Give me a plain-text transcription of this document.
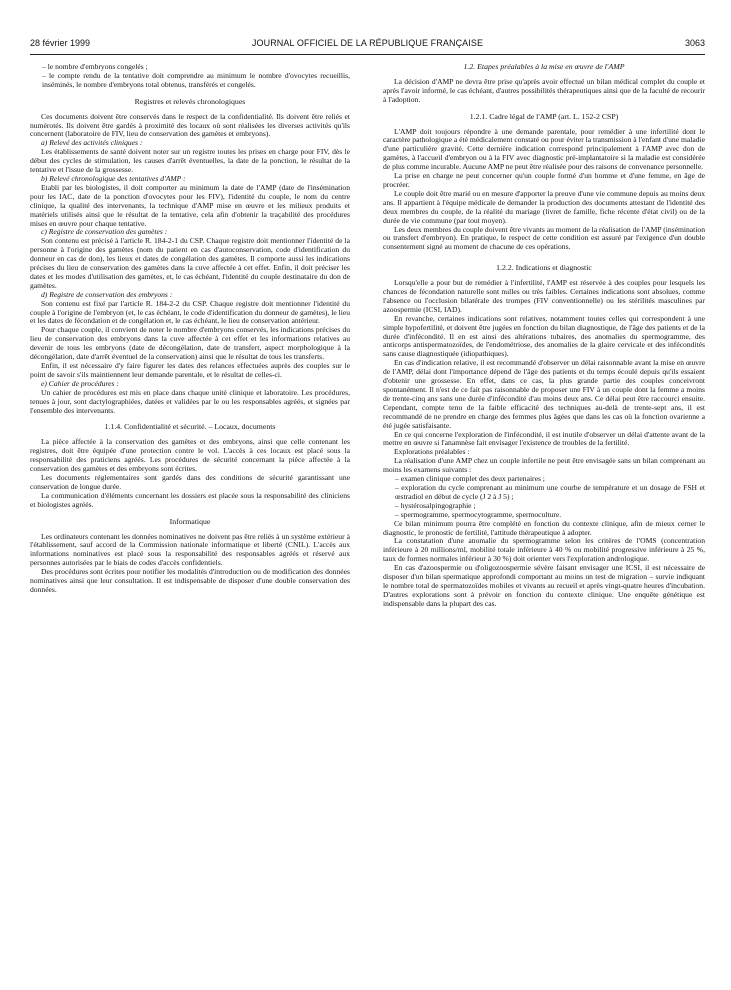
28 février 1999	JOURNAL OFFICIEL DE LA RÉPUBLIQUE FRANÇAISE	3063

– le nombre d'embryons congelés ;

– le compte rendu de la tentative doit comprendre au minimum le nombre d'ovocytes recueillis, inséminés, le nombre d'embryons total obtenus, transférés et congelés.

Registres et relevés chronologiques

Ces documents doivent être conservés dans le respect de la confidentialité. Ils doivent être reliés et numérotés. Ils doivent être gardés à proximité des locaux où sont réalisées les diverses activités qu'ils concernent (laboratoire de FIV, lieu de conservation des gamètes et embryons).

a) Relevé des activités cliniques :

Les établissements de santé doivent noter sur un registre toutes les prises en charge pour FIV, dès le début des cycles de stimulation, les causes d'arrêt éventuelles, la date de la ponction, le résultat de la tentative et l'issue de la grossesse.

b) Relevé chronologique des tentatives d'AMP :

Etabli par les biologistes, il doit comporter au minimum la date de l'AMP (date de l'insémination pour les IAC, date de la ponction d'ovocytes pour les FIV), l'identité du couple, le nom du centre clinique, la qualité des intervenants, la technique d'AMP mise en œuvre et les milieux produits et matériels utilisés ainsi que le résultat de la tentative, cela afin d'obtenir la traçabilité des procédures mises en œuvre pour chaque tentative.

c) Registre de conservation des gamètes :

Son contenu est précisé à l'article R. 184-2-1 du CSP. Chaque registre doit mentionner l'identité de la personne à l'origine des gamètes (nom du patient en cas d'autoconservation, code d'identification du donneur en cas de don), les lieux et dates de congélation des gamètes. Il comporte aussi les indications précises du lieu de conservation des gamètes dans la cuve affectée à cet effet. Enfin, il doit préciser les dates et les modes d'utilisation des gamètes, et, le cas échéant, l'identité du couple destinataire du don de gamètes.

d) Registre de conservation des embryons :

Son contenu est fixé par l'article R. 184-2-2 du CSP. Chaque registre doit mentionner l'identité du couple à l'origine de l'embryon (et, le cas échéant, le code d'identification du donneur de gamètes), le lieu et les dates de fécondation et de congélation et, le cas échéant, le lieu de conservation antérieur.

Pour chaque couple, il convient de noter le nombre d'embryons conservés, les indications précises du lieu de conservation des embryons dans la cuve affectée à cet effet et les informations relatives au devenir de tous les embryons (date de décongélation, date de transfert, aspect morphologique à la décongélation, date d'arrêt éventuel de la conservation) ainsi que le résultat de tous les transferts.

Enfin, il est nécessaire d'y faire figurer les dates des relances effectuées auprès des couples sur le point de savoir s'ils maintiennent leur demande parentale, et le résultat de celles-ci.

e) Cahier de procédures :

Un cahier de procédures est mis en place dans chaque unité clinique et laboratoire. Les procédures, tenues à jour, sont dactylographiées, datées et validées par le ou les responsables agréés, et signées par l'ensemble des intervenants.

1.1.4. Confidentialité et sécurité. – Locaux, documents

La pièce affectée à la conservation des gamètes et des embryons, ainsi que celle contenant les registres, doit être équipée d'une protection contre le vol. L'accès à ces locaux est placé sous la responsabilité des praticiens agréés. Les procédures de sécurité concernant la pièce affectée à la conservation des gamètes et des embryons sont écrites.

Les documents réglementaires sont gardés dans des conditions de sécurité garantissant une conservation de longue durée.

La communication d'éléments concernant les dossiers est placée sous la responsabilité des cliniciens et biologistes agréés.

Informatique

Les ordinateurs contenant les données nominatives ne doivent pas être reliés à un système extérieur à l'établissement, sauf accord de la Commission nationale informatique et liberté (CNIL). L'accès aux informations nominatives est placé sous la responsabilité des responsables agréés et réservé aux personnes autorisées par le biais de codes d'accès confidentiels.

Des procédures sont écrites pour notifier les modalités d'introduction ou de modification des données nominatives ainsi que leur consultation. Il est indispensable de disposer d'une double conservation des données.

1.2. Etapes préalables à la mise en œuvre de l'AMP

La décision d'AMP ne devra être prise qu'après avoir effectué un bilan médical complet du couple et après l'avoir informé, le cas échéant, d'autres possibilités thérapeutiques ainsi que de la faculté de recourir à l'adoption.

1.2.1. Cadre légal de l'AMP (art. L. 152-2 CSP)

L'AMP doit toujours répondre à une demande parentale, pour remédier à une infertilité dont le caractère pathologique a été médicalement constaté ou pour éviter la transmission à l'enfant d'une maladie d'une particulière gravité. Cette dernière indication correspond principalement à l'AMP avec don de gamètes, à l'accueil d'embryon ou à la FIV avec diagnostic pré-implantatoire si la maladie est considérée de plus comme incurable. Aucune AMP ne peut être réalisée pour des raisons de convenance personnelle.

La prise en charge ne peut concerner qu'un couple formé d'un homme et d'une femme, en âge de procréer.

Le couple doit être marié ou en mesure d'apporter la preuve d'une vie commune depuis au moins deux ans. Il appartient à l'équipe médicale de demander la production des documents attestant de l'identité des deux membres du couple, de la réalité du mariage (livret de famille, fiche récente d'état civil) ou de la durée de vie commune (par tout moyen).

Les deux membres du couple doivent être vivants au moment de la réalisation de l'AMP (insémination ou transfert d'embryon). En pratique, le respect de cette condition est assuré par l'exigence d'un double consentement signé au moment de chacune de ces opérations.

1.2.2. Indications et diagnostic

Lorsqu'elle a pour but de remédier à l'infertilité, l'AMP est réservée à des couples pour lesquels les chances de fécondation naturelle sont nulles ou très faibles. Certaines indications sont absolues, comme l'absence ou l'occlusion bilatérale des trompes (FIV conventionnelle) ou les stérilités masculines par azoospermie (ICSI, IAD).

En revanche, certaines indications sont relatives, notamment toutes celles qui correspondent à une simple hypofertilité, et doivent être jugées en fonction du bilan diagnostique, de l'âge des patients et de la durée d'infécondité. Il en est ainsi des altérations tubaires, des anomalies du spermogramme, des anticorps antispermatozoïdes, de l'endométriose, des anomalies de la glaire cervicale et des infécondités sans cause diagnostiquée (idiopathiques).

En cas d'indication relative, il est recommandé d'observer un délai raisonnable avant la mise en œuvre de l'AMP, délai dont l'importance dépend de l'âge des patients et du temps écoulé depuis qu'ils essaient d'obtenir une grossesse. En effet, dans ce cas, la plus grande partie des couples conceivront spontanément. Il n'est de ce fait pas raisonnable de proposer une FIV à un couple dont la femme a moins de trente-cinq ans sans une durée d'infécondité d'au moins deux ans. Ce délai peut être raccourci ensuite. Cependant, compte tenu de la faible efficacité des techniques au-delà de trente-sept ans, il est recommandé de ne prendre en charge des femmes plus âgées que dans les cas où la fonction ovarienne a été jugée satisfaisante.

En ce qui concerne l'exploration de l'infécondité, il est inutile d'observer un délai d'attente avant de la mettre en œuvre si l'anamnèse fait envisager l'existence de troubles de la fertilité.

Explorations préalables :

La réalisation d'une AMP chez un couple infertile ne peut être envisagée sans un bilan comprenant au moins les examens suivants :

– examen clinique complet des deux partenaires ;

– exploration du cycle comprenant au minimum une courbe de température et un dosage de FSH et œstradiol en début de cycle (J 2 à J 5) ;

– hystérosalpingographie ;

– spermogramme, spermocytogramme, spermoculture.

Ce bilan minimum pourra être complété en fonction du contexte clinique, afin de mieux cerner le diagnostic, le pronostic de fertilité, l'attitude thérapeutique à adopter.

La constatation d'une anomalie du spermogramme selon les critères de l'OMS (concentration inférieure à 20 millions/ml, mobilité totale inférieure à 40 % ou mobilité progressive inférieure à 25 %, taux de formes normales inférieur à 30 %) doit orienter vers l'exploration andrologique.

En cas d'azoospermie ou d'oligozoospermie sévère faisant envisager une ICSI, il est nécessaire de disposer d'un bilan spermatique approfondi comportant au moins un test de migration – survie indiquant le nombre total de spermatozoïdes mobiles et vivants au recueil et après vingt-quatre heures d'incubation. D'autres explorations sont à prévoir en fonction du contexte clinique. Une enquête génétique est indispensable dans la plupart des cas.
